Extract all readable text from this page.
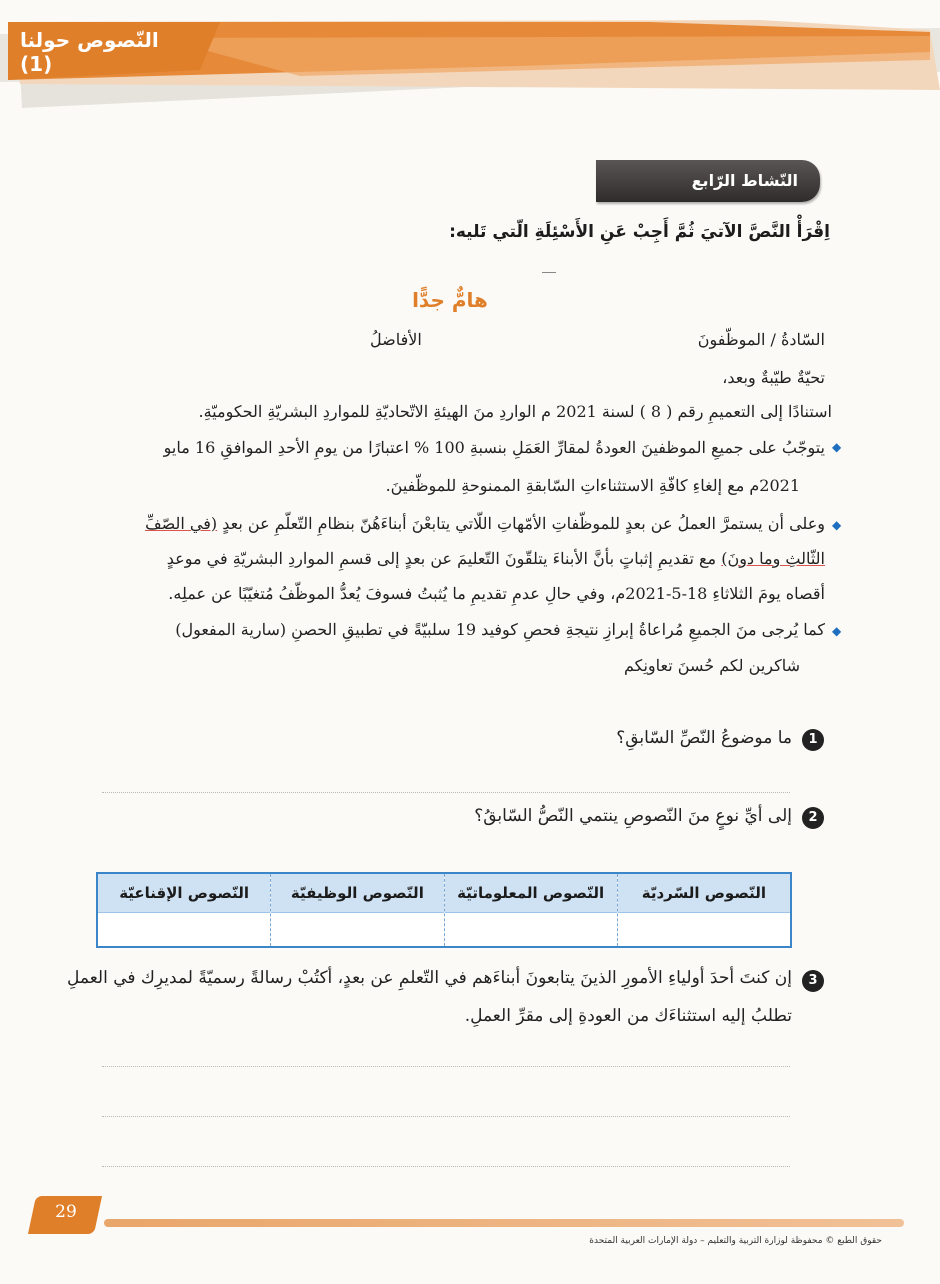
النّصوص حولنا (1)
النّشاط الرّابع
اِقْرَأْ النَّصَّ الآتيَ ثُمَّ أَجِبْ عَنِ الأَسْئِلَةِ الّتي تَليه:
هامٌّ جدًّا
السّادةُ / الموظّفونَ
الأفاضلُ
تحيّةٌ طيّبةٌ وبعد،
استنادًا إلى التعميمِ رقم ( 8 ) لسنة 2021 م الواردِ منَ الهيئةِ الاتّحاديّةِ للمواردِ البشريّةِ الحكوميّةِ.
◆
يتوجّبُ على جميعِ الموظفينَ العودةُ لمقارِّ العَمَلِ بنسبةِ 100 % اعتبارًا من يومِ الأحدِ الموافقِ 16 مايو
2021م مع إلغاءِ كافّةِ الاستثناءاتِ السّابقةِ الممنوحةِ للموظّفينَ.
◆
وعلى أن يستمرَّ العملُ عن بعدٍ للموظّفاتِ الأمّهاتِ اللّاتي يتابعْنَ أبناءَهُنّ بنظامِ التّعلّمِ عن بعدٍ (في الصّفِّ
الثّالثِ وما دونَ) مع تقديمِ إثباتٍ بأنَّ الأبناءَ يتلقّونَ التّعليمَ عن بعدٍ إلى قسمِ المواردِ البشريّةِ في موعدٍ
أقصاه يومَ الثلاثاءِ 18-5-2021م، وفي حالِ عدمِ تقديمِ ما يُثبتُ فسوفَ يُعدُّ الموظّفُ مُتغيّبًا عن عملِه.
◆
كما يُرجى منَ الجميعِ مُراعاةُ إبرازِ نتيجةِ فحصِ كوفيد 19 سلبيّةً في تطبيقِ الحصنِ (سارية المفعول)
شاكرين لكم حُسنَ تعاونِكم
1
ما موضوعُ النّصِّ السّابقِ؟
2
إلى أيِّ نوعٍ منَ النّصوصِ ينتمي النّصُّ السّابقُ؟
النّصوص السّرديّة
النّصوص المعلوماتيّة
النّصوص الوظيفيّة
النّصوص الإقناعيّة
3
إن كنتَ أحدَ أولياءِ الأمورِ الذينَ يتابعونَ أبناءَهم في التّعلمِ عن بعدٍ، أكتُبْ رسالةً رسميّةً لمديرِك في العملِ
تطلبُ إليه استثناءَك من العودةِ إلى مقرِّ العملِ.
29
حقوق الطبع © محفوظة لوزارة التربية والتعليم – دولة الإمارات العربية المتحدة
